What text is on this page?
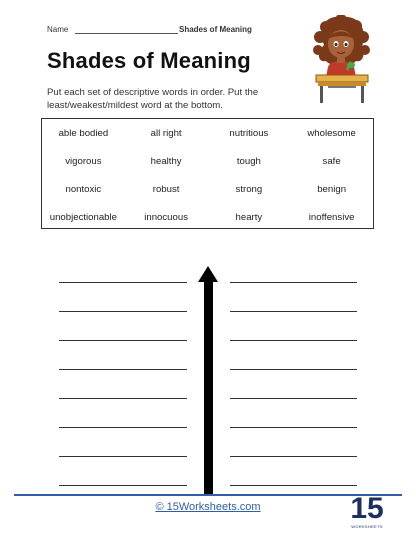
Name	Shades of Meaning
Shades of Meaning
Put each set of descriptive words in order. Put the least/weakest/mildest word at the bottom.
able bodied	all right	nutritious	wholesome
vigorous	healthy	tough	safe
nontoxic	robust	strong	benign
unobjectionable	innocuous	hearty	inoffensive
© 15Worksheets.com	15
WORKSHEETS
